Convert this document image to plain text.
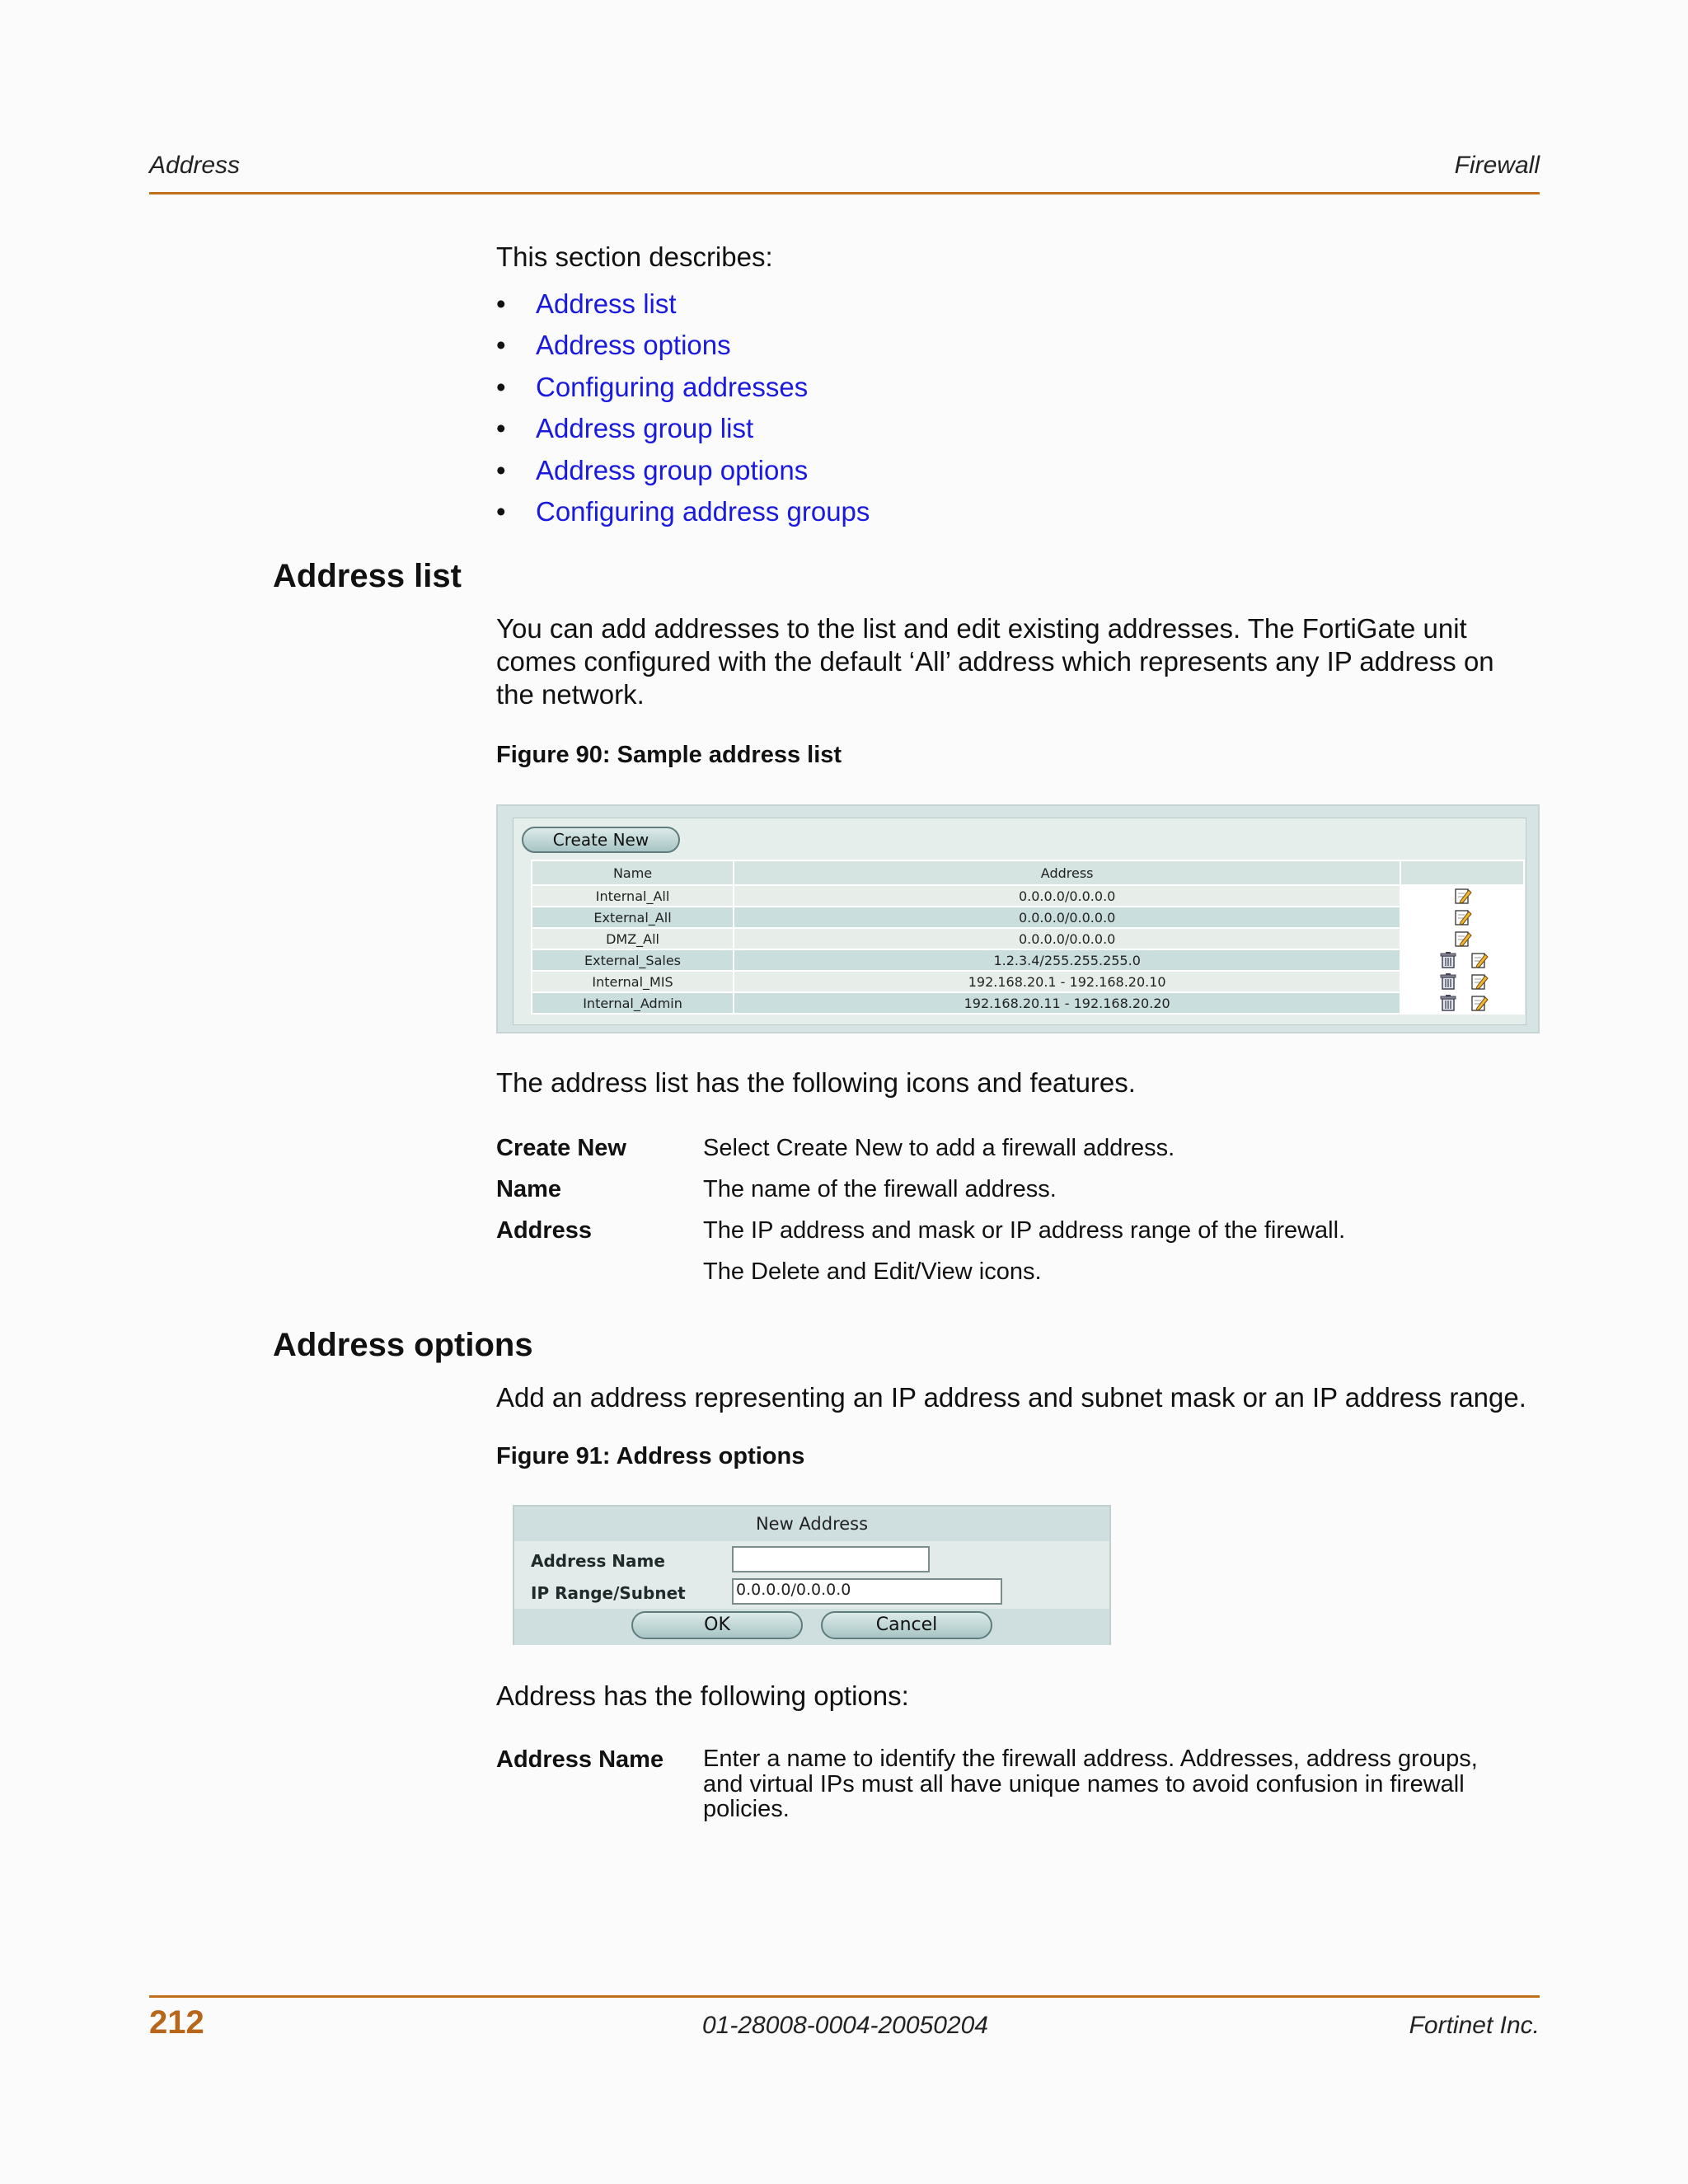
Address	Firewall
This section describes:
• Address list
• Address options
• Configuring addresses
• Address group list
• Address group options
• Configuring address groups
Address list
You can add addresses to the list and edit existing addresses. The FortiGate unit
comes configured with the default ‘All’ address which represents any IP address on
the network.
Figure 90: Sample address list
Create New
Name	Address	
Internal_All	0.0.0.0/0.0.0.0	

External_All	0.0.0.0/0.0.0.0	

DMZ_All	0.0.0.0/0.0.0.0	

External_Sales	1.2.3.4/255.255.255.0	

Internal_MIS	192.168.20.1 - 192.168.20.10	

Internal_Admin	192.168.20.11 - 192.168.20.20	
The address list has the following icons and features.
Create New	Select Create New to add a firewall address.
Name	The name of the firewall address.
Address	The IP address and mask or IP address range of the firewall.
The Delete and Edit/View icons.
Address options
Add an address representing an IP address and subnet mask or an IP address range.
Figure 91: Address options
New Address
Address Name
IP Range/Subnet	0.0.0.0/0.0.0.0
OK	Cancel
Address has the following options:
Address Name Enter a name to identify the firewall address. Addresses, address groups,
and virtual IPs must all have unique names to avoid confusion in firewall
policies.
212	01-28008-0004-20050204	Fortinet Inc.
